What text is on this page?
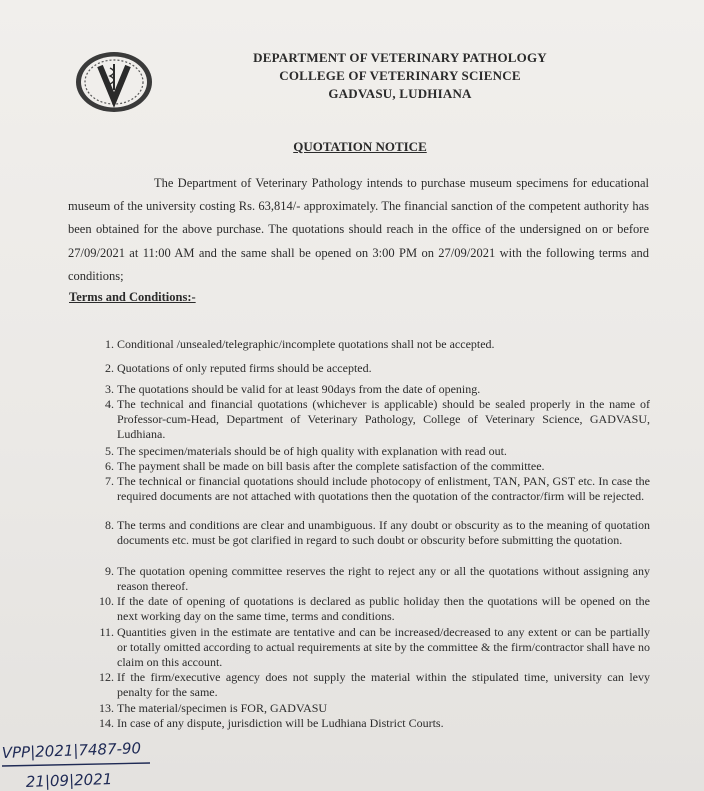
DEPARTMENT OF VETERINARY PATHOLOGY
COLLEGE OF VETERINARY SCIENCE
GADVASU, LUDHIANA
QUOTATION NOTICE
The Department of Veterinary Pathology intends to purchase museum specimens for educational museum of the university costing Rs. 63,814/- approximately. The financial sanction of the competent authority has been obtained for the above purchase. The quotations should reach in the office of the undersigned on or before 27/09/2021 at 11:00 AM and the same shall be opened on 3:00 PM on 27/09/2021 with the following terms and conditions;
Terms and Conditions:-
1. Conditional /unsealed/telegraphic/incomplete quotations shall not be accepted.
2. Quotations of only reputed firms should be accepted.
3. The quotations should be valid for at least 90days from the date of opening.
4. The technical and financial quotations (whichever is applicable) should be sealed properly in the name of Professor-cum-Head, Department of Veterinary Pathology, College of Veterinary Science, GADVASU, Ludhiana.
5. The specimen/materials should be of high quality with explanation with read out.
6. The payment shall be made on bill basis after the complete satisfaction of the committee.
7. The technical or financial quotations should include photocopy of enlistment, TAN, PAN, GST etc. In case the required documents are not attached with quotations then the quotation of the contractor/firm will be rejected.
8. The terms and conditions are clear and unambiguous. If any doubt or obscurity as to the meaning of quotation documents etc. must be got clarified in regard to such doubt or obscurity before submitting the quotation.
9. The quotation opening committee reserves the right to reject any or all the quotations without assigning any reason thereof.
10. If the date of opening of quotations is declared as public holiday then the quotations will be opened on the next working day on the same time, terms and conditions.
11. Quantities given in the estimate are tentative and can be increased/decreased to any extent or can be partially or totally omitted according to actual requirements at site by the committee & the firm/contractor shall have no claim on this account.
12. If the firm/executive agency does not supply the material within the stipulated time, university can levy penalty for the same.
13. The material/specimen is FOR, GADVASU
14. In case of any dispute, jurisdiction will be Ludhiana District Courts.
VPP|2021|7487-90
21|09|2021
